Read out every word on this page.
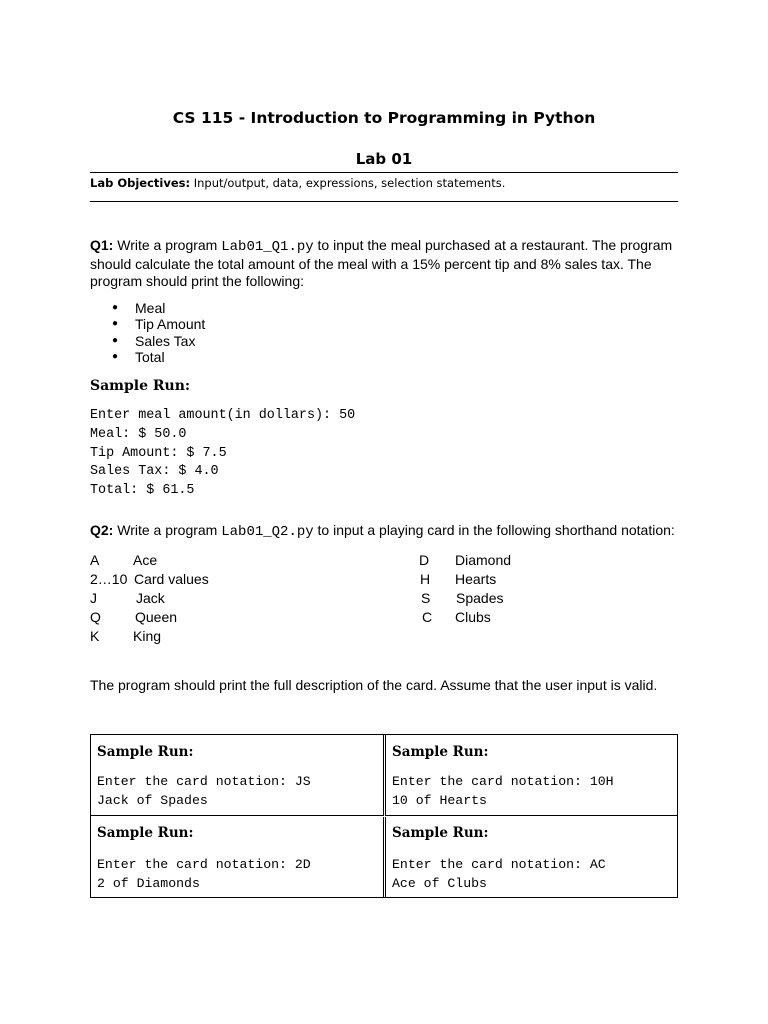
CS 115 - Introduction to Programming in Python
Lab 01
Lab Objectives: Input/output, data, expressions, selection statements.
Q1: Write a program Lab01_Q1.py to input the meal purchased at a restaurant. The program should calculate the total amount of the meal with a 15% percent tip and 8% sales tax. The program should print the following:
● Meal
● Tip Amount
● Sales Tax
● Total
Sample Run:
Enter meal amount(in dollars): 50
Meal: $ 50.0
Tip Amount: $ 7.5
Sales Tax: $ 4.0
Total: $ 61.5
Q2: Write a program Lab01_Q2.py to input a playing card in the following shorthand notation:
A Ace
2…10 Card values
J	Jack
Q Queen
K King
D Diamond
H Hearts
S Spades
C Clubs
The program should print the full description of the card. Assume that the user input is valid.
Sample Run:
Enter the card notation: JS
Jack of Spades
Sample Run:
Enter the card notation: 10H
10 of Hearts
Sample Run:
Enter the card notation: 2D
2 of Diamonds
Sample Run:
Enter the card notation: AC
Ace of Clubs
